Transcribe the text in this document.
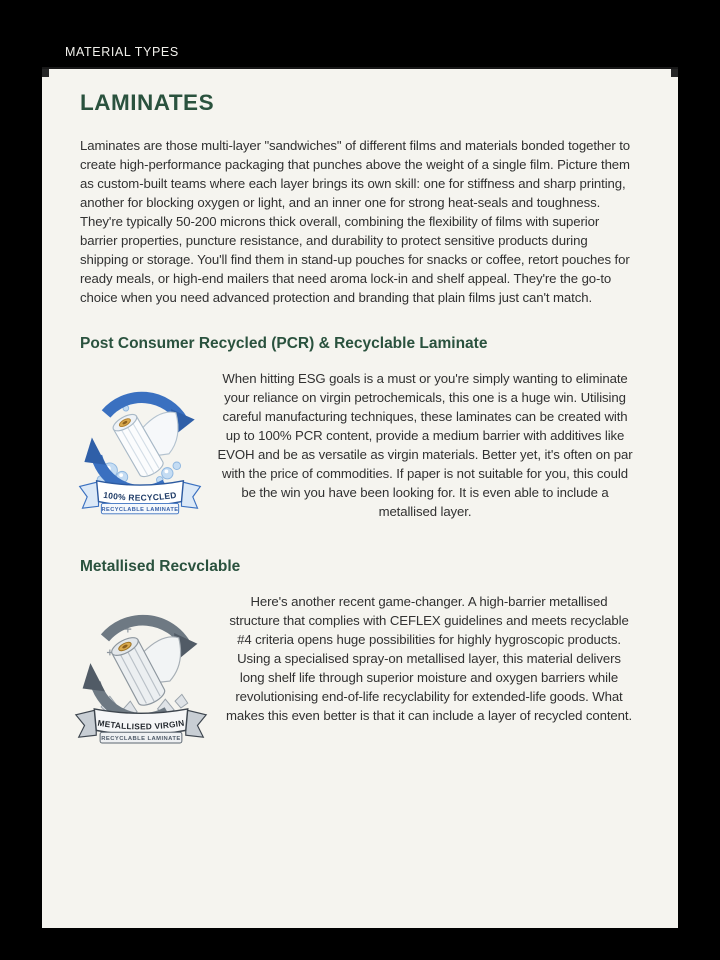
MATERIAL TYPES
LAMINATES

Laminates are those multi-layer "sandwiches" of different films and materials bonded together to create high-performance packaging that punches above the weight of a single film. Picture them as custom-built teams where each layer brings its own skill: one for stiffness and sharp printing, another for blocking oxygen or light, and an inner one for strong heat-seals and toughness. They're typically 50-200 microns thick overall, combining the flexibility of films with superior barrier properties, puncture resistance, and durability to protect sensitive products during shipping or storage. You'll find them in stand-up pouches for snacks or coffee, retort pouches for ready meals, or high-end mailers that need aroma lock-in and shelf appeal. They're the go-to choice when you need advanced protection and branding that plain films just can't match.

Post Consumer Recycled (PCR) & Recyclable Laminate
100% RECYCLED
RECYCLABLE LAMINATE

When hitting ESG goals is a must or you're simply wanting to eliminate your reliance on virgin petrochemicals, this one is a huge win. Utilising careful manufacturing techniques, these laminates can be created with up to 100% PCR content, provide a medium barrier with additives like EVOH and be as versatile as virgin materials. Better yet, it's often on par with the price of commodities. If paper is not suitable for you, this could be the win you have been looking for. It is even able to include a metallised layer.

Metallised Recvclable
METALLISED VIRGIN
RECYCLABLE LAMINATE

Here's another recent game-changer. A high-barrier metallised structure that complies with CEFLEX guidelines and meets recyclable #4 criteria opens huge possibilities for highly hygroscopic products. Using a specialised spray-on metallised layer, this material delivers long shelf life through superior moisture and oxygen barriers while revolutionising end-of-life recyclability for extended-life goods. What makes this even better is that it can include a layer of recycled content.
